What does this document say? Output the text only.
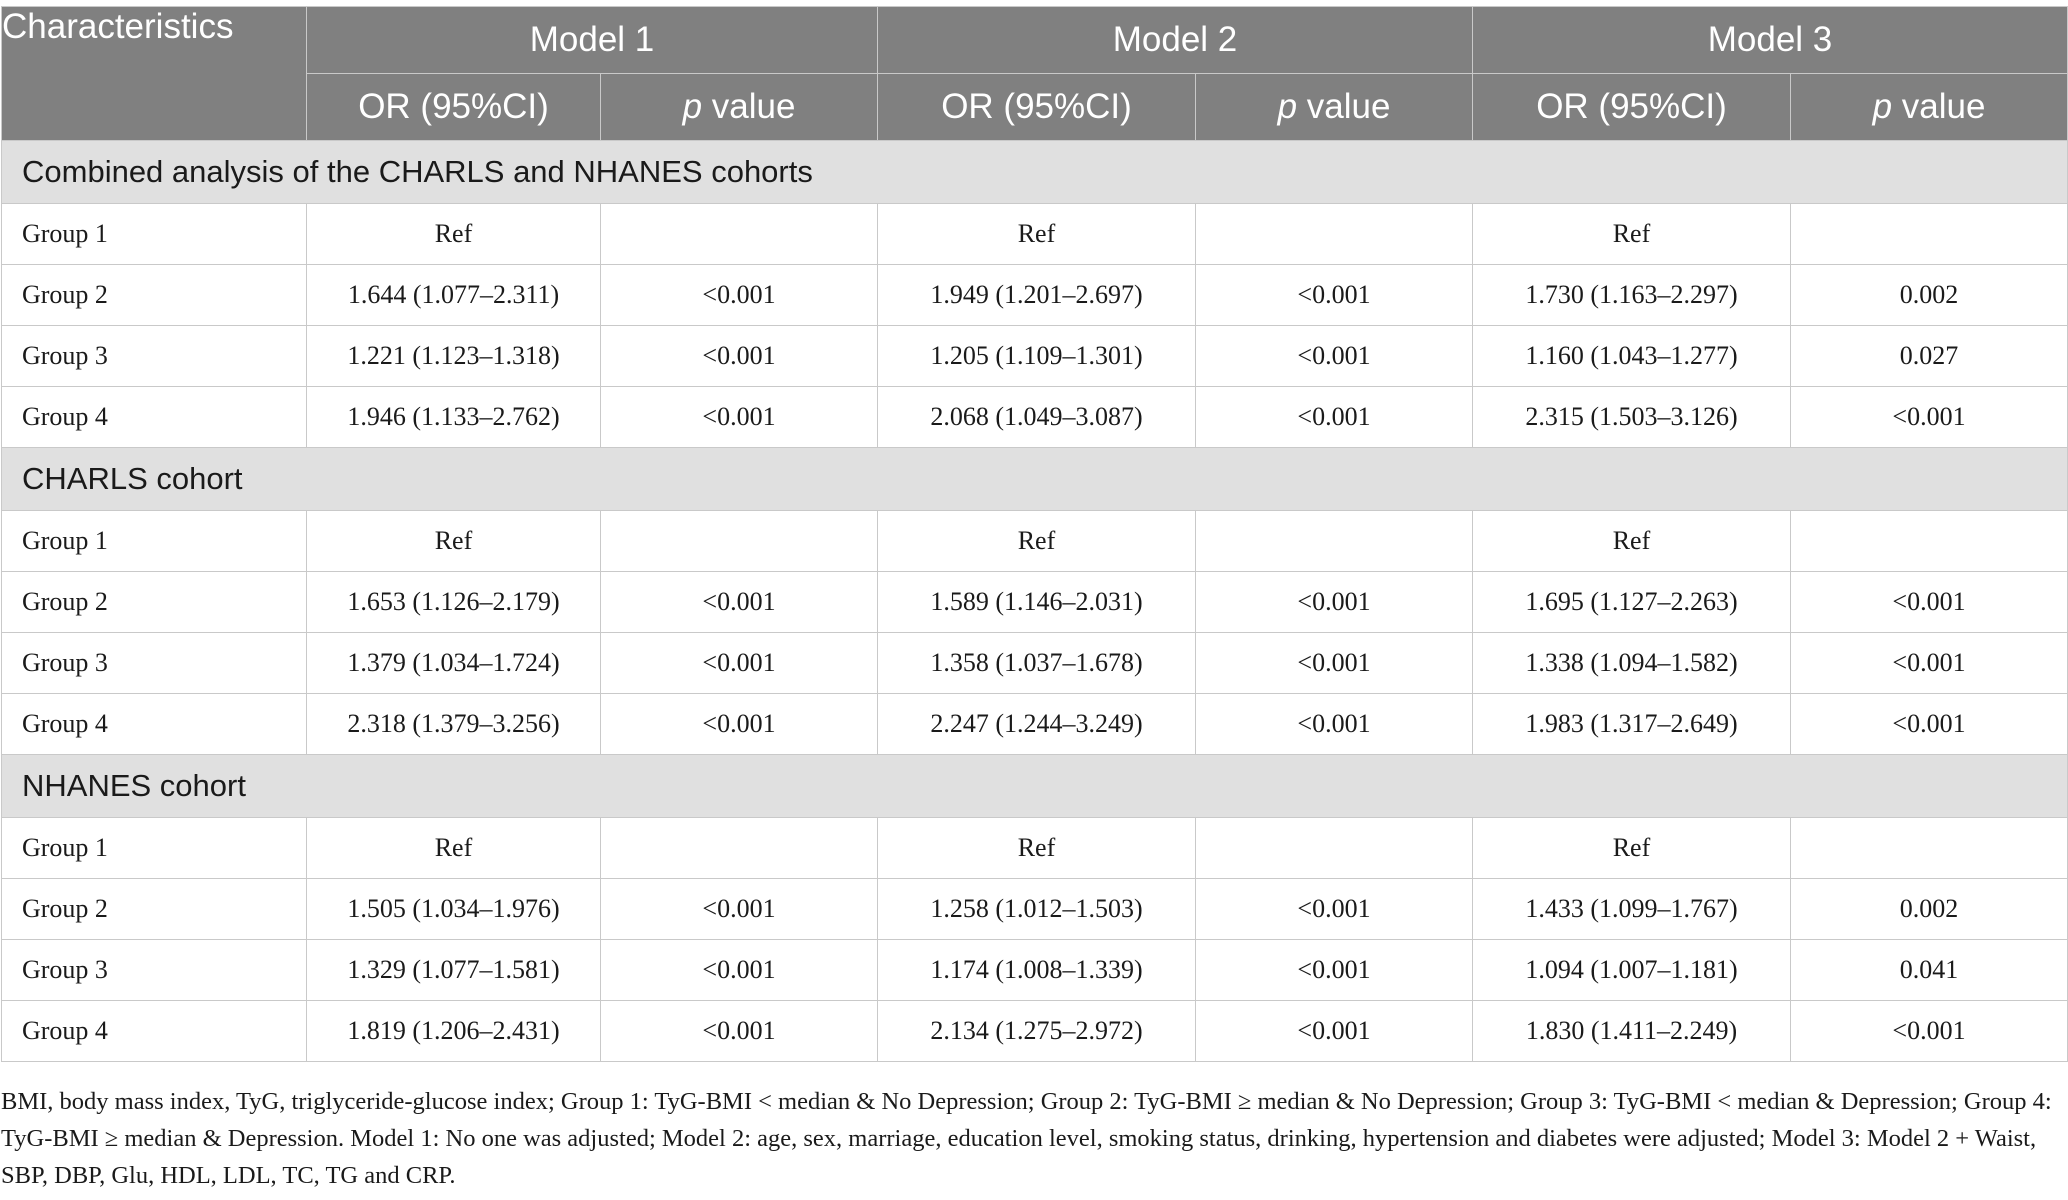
Characteristics	Model 1		Model 2		Model 3	
	OR (95%CI)	p value	OR (95%CI)	p value	OR (95%CI)	p value
Combined analysis of the CHARLS and NHANES cohorts						
Group 1	Ref		Ref		Ref	
Group 2	1.644 (1.077–2.311)	<0.001	1.949 (1.201–2.697)	<0.001	1.730 (1.163–2.297)	0.002
Group 3	1.221 (1.123–1.318)	<0.001	1.205 (1.109–1.301)	<0.001	1.160 (1.043–1.277)	0.027
Group 4	1.946 (1.133–2.762)	<0.001	2.068 (1.049–3.087)	<0.001	2.315 (1.503–3.126)	<0.001
CHARLS cohort						
Group 1	Ref		Ref		Ref	
Group 2	1.653 (1.126–2.179)	<0.001	1.589 (1.146–2.031)	<0.001	1.695 (1.127–2.263)	<0.001
Group 3	1.379 (1.034–1.724)	<0.001	1.358 (1.037–1.678)	<0.001	1.338 (1.094–1.582)	<0.001
Group 4	2.318 (1.379–3.256)	<0.001	2.247 (1.244–3.249)	<0.001	1.983 (1.317–2.649)	<0.001
NHANES cohort						
Group 1	Ref		Ref		Ref	
Group 2	1.505 (1.034–1.976)	<0.001	1.258 (1.012–1.503)	<0.001	1.433 (1.099–1.767)	0.002
Group 3	1.329 (1.077–1.581)	<0.001	1.174 (1.008–1.339)	<0.001	1.094 (1.007–1.181)	0.041
Group 4	1.819 (1.206–2.431)	<0.001	2.134 (1.275–2.972)	<0.001	1.830 (1.411–2.249)	<0.001
BMI, body mass index, TyG, triglyceride-glucose index; Group 1: TyG-BMI < median & No Depression; Group 2: TyG-BMI ≥ median & No Depression; Group 3: TyG-BMI < median & Depression; Group 4: TyG-BMI ≥ median & Depression. Model 1: No one was adjusted; Model 2: age, sex, marriage, education level, smoking status, drinking, hypertension and diabetes were adjusted; Model 3: Model 2 + Waist, SBP, DBP, Glu, HDL, LDL, TC, TG and CRP.
